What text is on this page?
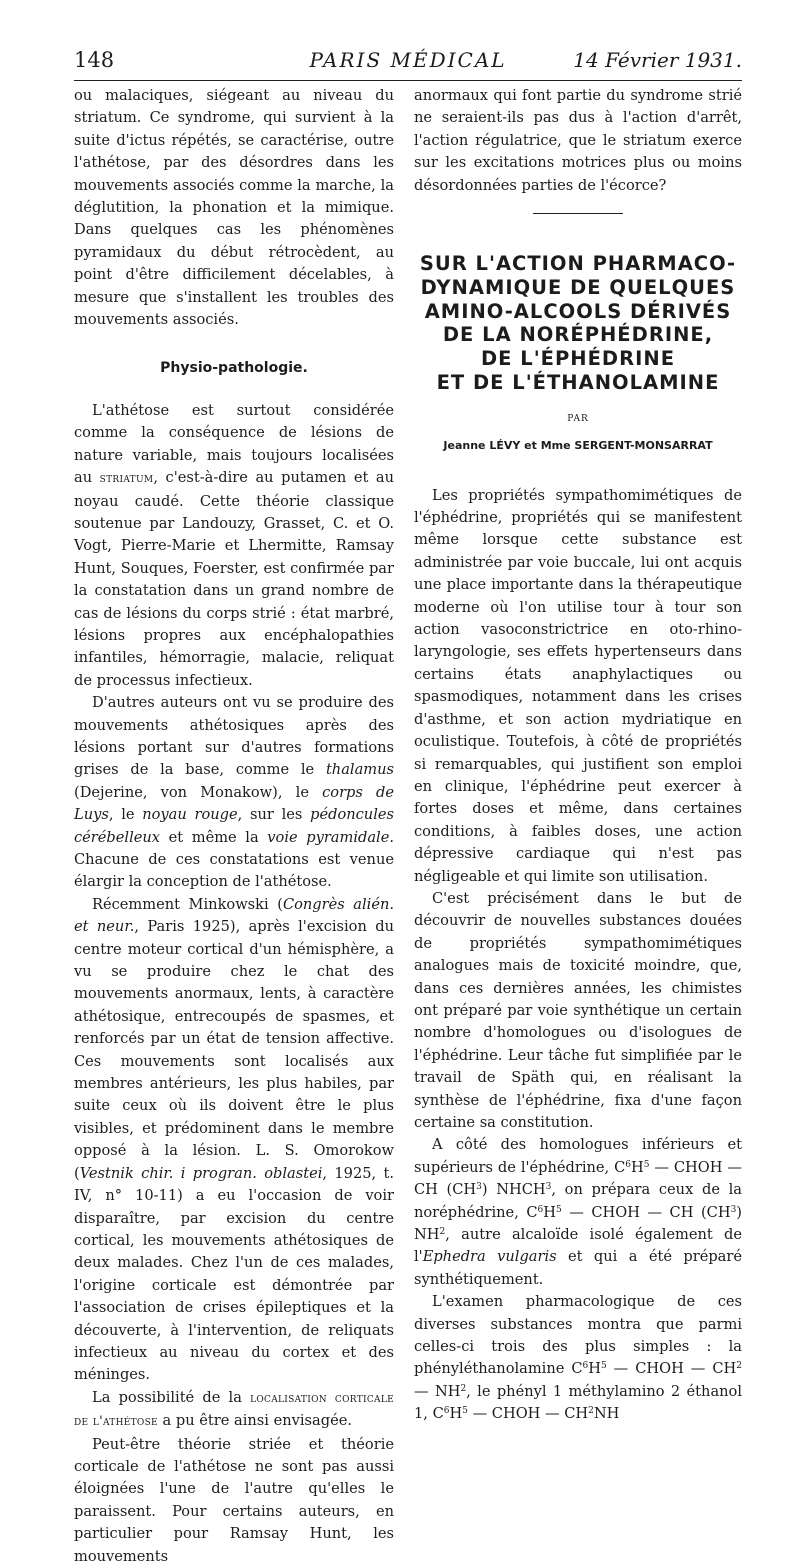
148	PARIS MÉDICAL	14 Février 1931.

ou malaciques, siégeant au niveau du striatum. Ce syndrome, qui survient à la suite d'ictus répétés, se caractérise, outre l'athétose, par des désordres dans les mouvements associés comme la marche, la déglutition, la phonation et la mimique. Dans quelques cas les phénomènes pyramidaux du début rétrocèdent, au point d'être difficilement décelables, à mesure que s'installent les troubles des mouvements associés.

Physio-pathologie.

L'athétose est surtout considérée comme la conséquence de lésions de nature variable, mais toujours localisées au striatum, c'est-à-dire au putamen et au noyau caudé. Cette théorie classique soutenue par Landouzy, Grasset, C. et O. Vogt, Pierre-Marie et Lhermitte, Ramsay Hunt, Souques, Foerster, est confirmée par la constatation dans un grand nombre de cas de lésions du corps strié : état marbré, lésions propres aux encéphalopathies infantiles, hémorragie, malacie, reliquat de processus infectieux.

D'autres auteurs ont vu se produire des mouvements athétosiques après des lésions portant sur d'autres formations grises de la base, comme le thalamus (Dejerine, von Monakow), le corps de Luys, le noyau rouge, sur les pédoncules cérébelleux et même la voie pyramidale. Chacune de ces constatations est venue élargir la conception de l'athétose.

Récemment Minkowski (Congrès alién. et neur., Paris 1925), après l'excision du centre moteur cortical d'un hémisphère, a vu se produire chez le chat des mouvements anormaux, lents, à caractère athétosique, entrecoupés de spasmes, et renforcés par un état de tension affective. Ces mouvements sont localisés aux membres antérieurs, les plus habiles, par suite ceux où ils doivent être le plus visibles, et prédominent dans le membre opposé à la lésion. L. S. Omorokow (Vestnik chir. i progran. oblastei, 1925, t. IV, n° 10-11) a eu l'occasion de voir disparaître, par excision du centre cortical, les mouvements athétosiques de deux malades. Chez l'un de ces malades, l'origine corticale est démontrée par l'association de crises épileptiques et la découverte, à l'intervention, de reliquats infectieux au niveau du cortex et des méninges.

La possibilité de la localisation corticale de l'athétose a pu être ainsi envisagée.

Peut-être théorie striée et théorie corticale de l'athétose ne sont pas aussi éloignées l'une de l'autre qu'elles le paraissent. Pour certains auteurs, en particulier pour Ramsay Hunt, les mouvements

anormaux qui font partie du syndrome strié ne seraient-ils pas dus à l'action d'arrêt, l'action régulatrice, que le striatum exerce sur les excitations motrices plus ou moins désordonnées parties de l'écorce?

SUR L'ACTION PHARMACO-
DYNAMIQUE DE QUELQUES
AMINO-ALCOOLS DÉRIVÉS
DE LA NORÉPHÉDRINE,
DE L'ÉPHÉDRINE
ET DE L'ÉTHANOLAMINE
PAR
Jeanne LÉVY et Mme SERGENT-MONSARRAT

Les propriétés sympathomimétiques de l'éphédrine, propriétés qui se manifestent même lorsque cette substance est administrée par voie buccale, lui ont acquis une place importante dans la thérapeutique moderne où l'on utilise tour à tour son action vasoconstrictrice en oto-rhino-laryngologie, ses effets hypertenseurs dans certains états anaphylactiques ou spasmodiques, notamment dans les crises d'asthme, et son action mydriatique en oculistique. Toutefois, à côté de propriétés si remarquables, qui justifient son emploi en clinique, l'éphédrine peut exercer à fortes doses et même, dans certaines conditions, à faibles doses, une action dépressive cardiaque qui n'est pas négligeable et qui limite son utilisation.

C'est précisément dans le but de découvrir de nouvelles substances douées de propriétés sympathomimétiques analogues mais de toxicité moindre, que, dans ces dernières années, les chimistes ont préparé par voie synthétique un certain nombre d'homologues ou d'isologues de l'éphédrine. Leur tâche fut simplifiée par le travail de Späth qui, en réalisant la synthèse de l'éphédrine, fixa d'une façon certaine sa constitution.

A côté des homologues inférieurs et supérieurs de l'éphédrine, $C^6H^5$ — CHOH — CH $(CH^3)$ NHCH$^3$, on prépara ceux de la noréphédrine, $C^6H^5$ — CHOH — CH $(CH^3)$ $NH^2$, autre alcaloïde isolé également de l'Ephedra vulgaris et qui a été préparé synthétiquement.

L'examen pharmacologique de ces diverses substances montra que parmi celles-ci trois des plus simples : la phényléthanolamine $C^6H^5$ — CHOH — $CH^2$ — $NH^2$, le phényl 1 méthylamino 2 éthanol 1, $C^6H^5$ — CHOH — $CH^2NH$
